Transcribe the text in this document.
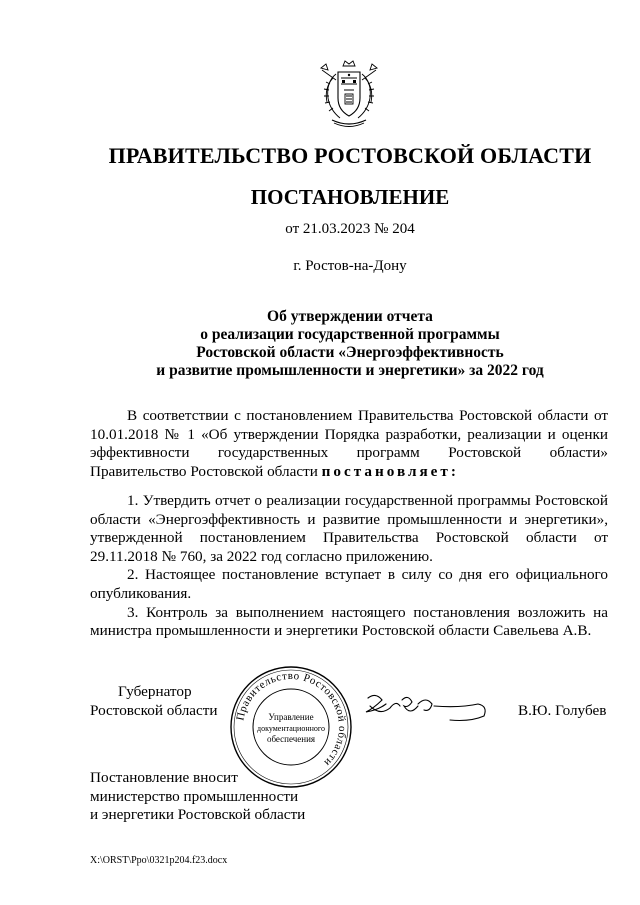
ПРАВИТЕЛЬСТВО РОСТОВСКОЙ ОБЛАСТИ
ПОСТАНОВЛЕНИЕ
от 21.03.2023 № 204
г. Ростов-на-Дону
Об утверждении отчета
о реализации государственной программы
Ростовской области «Энергоэффективность
и развитие промышленности и энергетики» за 2022 год

В соответствии с постановлением Правительства Ростовской области от 10.01.2018 № 1 «Об утверждении Порядка разработки, реализации и оценки эффективности государственных программ Ростовской области» Правительство Ростовской области постановляет:

1. Утвердить отчет о реализации государственной программы Ростовской области «Энергоэффективность и развитие промышленности и энергетики», утвержденной постановлением Правительства Ростовской области от 29.11.2018 № 760, за 2022 год согласно приложению.

2. Настоящее постановление вступает в силу со дня его официального опубликования.

3. Контроль за выполнением настоящего постановления возложить на министра промышленности и энергетики Ростовской области Савельева А.В.

Губернатор
Ростовской области Правительство Ростовской области
Управление
документационного
обеспечения
В.Ю. Голубев
Постановление вносит
министерство промышленности
и энергетики Ростовской области
X:\ORST\Ppo\0321p204.f23.docx
